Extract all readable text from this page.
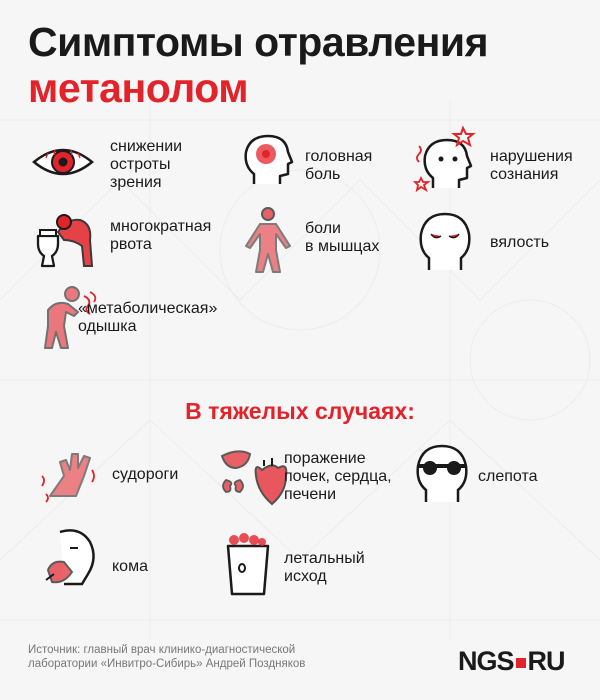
Симптомы отравления
метанолом
снижении
остроты
зрения
головная
боль
нарушения
сознания
многократная
рвота
боли
в мышцах	вялость
«метаболическая»
одышка
В тяжелых случаях:
судороги
поражение
почек, сердца,
печени
слепота
кома	летальный
исход
Источник: главный врач клинико-диагностической
лаборатории «Инвитро-Сибирь» Андрей Поздняков	NGS RU
